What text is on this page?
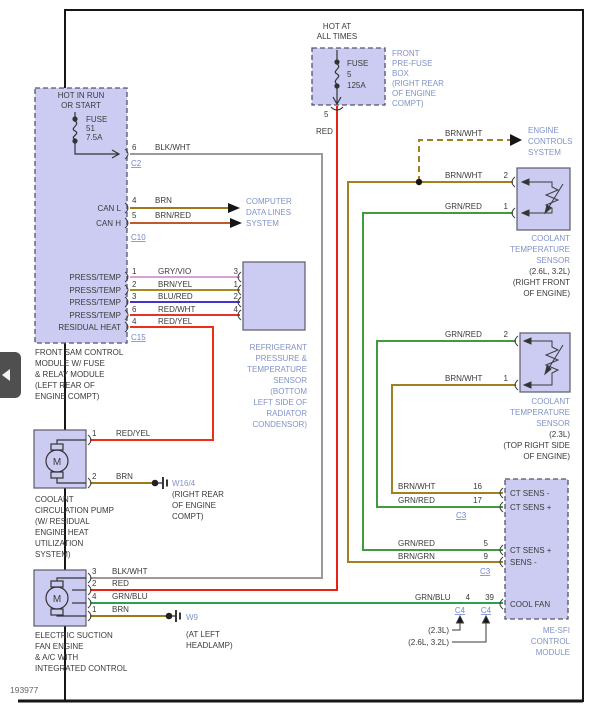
M
M
HOT IN RUN
OR START
FUSE
51
7.5A
6 BLK/WHT
C2
CAN L
4 BRN
CAN H
5 BRN/RED
C10
COMPUTER
DATA LINES
SYSTEM
PRESS/TEMP
1	GRY/VIO	3
PRESS/TEMP
2	BRN/YEL	1
PRESS/TEMP
3	BLU/RED	2
PRESS/TEMP
6	RED/WHT	4
RESIDUAL HEAT
4	RED/YEL
C15
REFRIGERANT
PRESSURE &
TEMPERATURE
SENSOR
(BOTTOM
LEFT SIDE OF
RADIATOR
CONDENSOR)
FRONT SAM CONTROL
MODULE W/ FUSE
& RELAY MODULE
(LEFT REAR OF
ENGINE COMPT)
HOT AT
ALL TIMES
FUSE
5
125A
5
RED
FRONT
PRE-FUSE
BOX
(RIGHT REAR
OF ENGINE
COMPT)
BRN/WHT	ENGINE
CONTROLS
SYSTEM
BRN/WHT	2
GRN/RED	1
COOLANT
TEMPERATURE
SENSOR
(2.6L, 3.2L)
(RIGHT FRONT
OF ENGINE)
GRN/RED	2
BRN/WHT	1
COOLANT
TEMPERATURE
SENSOR
(2.3L)
(TOP RIGHT SIDE
OF ENGINE)
1 RED/YEL
2 BRN
W16/4
(RIGHT REAR
OF ENGINE
COMPT)
COOLANT
CIRCULATION PUMP
(W/ RESIDUAL
ENGINE HEAT
UTILIZATION
SYSTEM)
3 BLK/WHT
2 RED
4 GRN/BLU
1 BRN
W9
(AT LEFT
HEADLAMP)
ELECTRIC SUCTION
FAN ENGINE
& A/C WITH
INTEGRATED CONTROL
BRN/WHT	16
CT SENS -
GRN/RED	17
CT SENS +
C3
GRN/RED	5
CT SENS +
BRN/GRN	9
SENS -
C3
GRN/BLU 4 39
C4 C4
COOL FAN
(2.3L)
(2.6L, 3.2L)
ME-SFI
CONTROL
MODULE
193977
